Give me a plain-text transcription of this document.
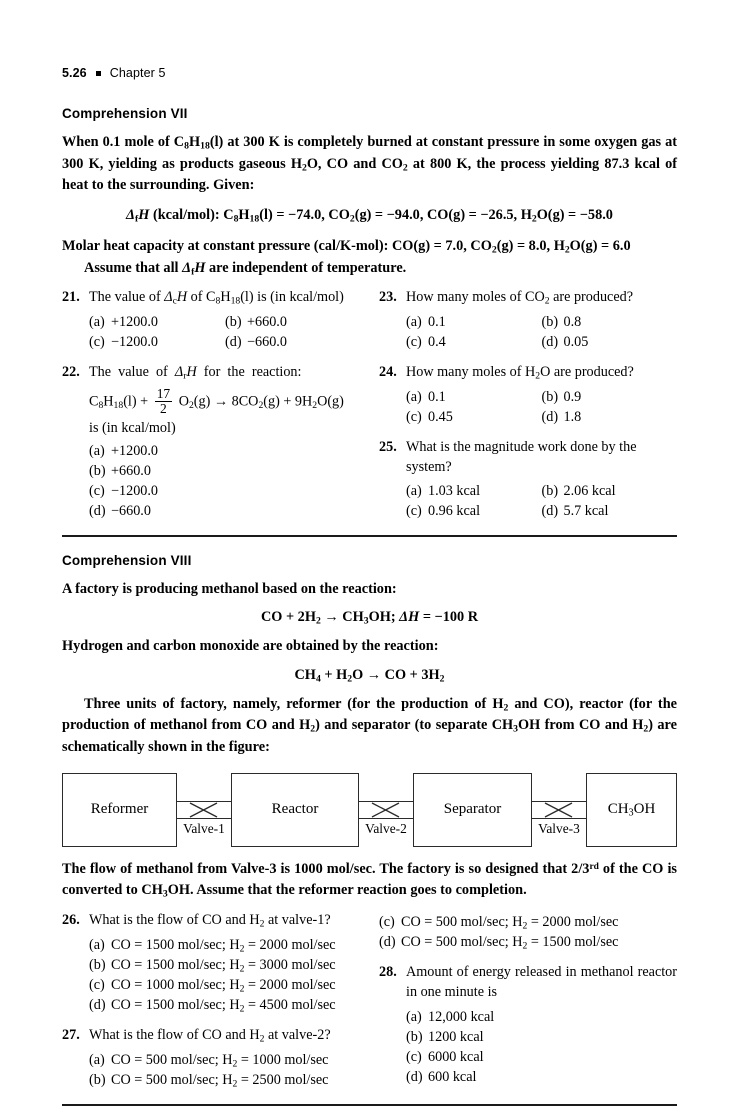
5.26 Chapter 5
Comprehension VII
When 0.1 mole of $C_8H_{18}(l)$ at 300 K is completely burned at constant pressure in some oxygen gas at 300 K, yielding as products gaseous $H_2O$, CO and $CO_2$ at 800 K, the process yielding 87.3 kcal of heat to the surrounding. Given:
$\Delta_fH$ (kcal/mol): $C_8H_{18}(l) = -74.0$, $CO_2(g) = -94.0$, CO(g) = −26.5, $H_2O(g) = -58.0$
Molar heat capacity at constant pressure (cal/K-mol): CO(g) = 7.0, $CO_2(g) = 8.0$, $H_2O(g) = 6.0$
Assume that all $\Delta_fH$ are independent of temperature.
21. The value of $\Delta_cH$ of $C_8H_{18}(l)$ is (in kcal/mol)
(a) +1200.0	(b) +660.0
(c) −1200.0	(d) −660.0
22. The  value  of  $\Delta_rH$  for  the  reaction:
$C_8H_{18}(l) + \frac{17}{2} O_2(g) \to 8CO_2(g) + 9H_2O(g)$
is (in kcal/mol)
(a) +1200.0
(b) +660.0
(c) −1200.0
(d) −660.0
23. How many moles of $CO_2$ are produced?
(a) 0.1	(b) 0.8
(c) 0.4	(d) 0.05
24. How many moles of $H_2O$ are produced?
(a) 0.1	(b) 0.9
(c) 0.45	(d) 1.8
25. What is the magnitude work done by the system?
(a) 1.03 kcal	(b) 2.06 kcal
(c) 0.96 kcal	(d) 5.7 kcal
Comprehension VIII
A factory is producing methanol based on the reaction:
CO + $2H_2 \to CH_3OH$; ΔH = −100 R
Hydrogen and carbon monoxide are obtained by the reaction:
$CH_4 + H_2O$ → CO + $3H_2$
Three units of factory, namely, reformer (for the production of $H_2$ and CO), reactor (for the production of methanol from CO and $H_2$) and separator (to separate $CH_3OH$ from CO and $H_2$) are schematically shown in the figure:
Reformer
Valve-1
Reactor
Valve-2
Separator
Valve-3
$CH_3OH$
The flow of methanol from Valve-3 is 1000 mol/sec. The factory is so designed that 2/3rd of the CO is converted to $CH_3OH$. Assume that the reformer reaction goes to completion.
26. What is the flow of CO and $H_2$ at valve-1?
(a) CO = 1500 mol/sec; $H_2 = 2000$ mol/sec
(b) CO = 1500 mol/sec; $H_2 = 3000$ mol/sec
(c) CO = 1000 mol/sec; $H_2 = 2000$ mol/sec
(d) CO = 1500 mol/sec; $H_2 = 4500$ mol/sec
27. What is the flow of CO and $H_2$ at valve-2?
(a) CO = 500 mol/sec; $H_2 = 1000$ mol/sec
(b) CO = 500 mol/sec; $H_2 = 2500$ mol/sec
(c) CO = 500 mol/sec; $H_2 = 2000$ mol/sec
(d) CO = 500 mol/sec; $H_2 = 1500$ mol/sec
28. Amount of energy released in methanol reactor in one minute is
(a) 12,000 kcal
(b) 1200 kcal
(c) 6000 kcal
(d) 600 kcal
